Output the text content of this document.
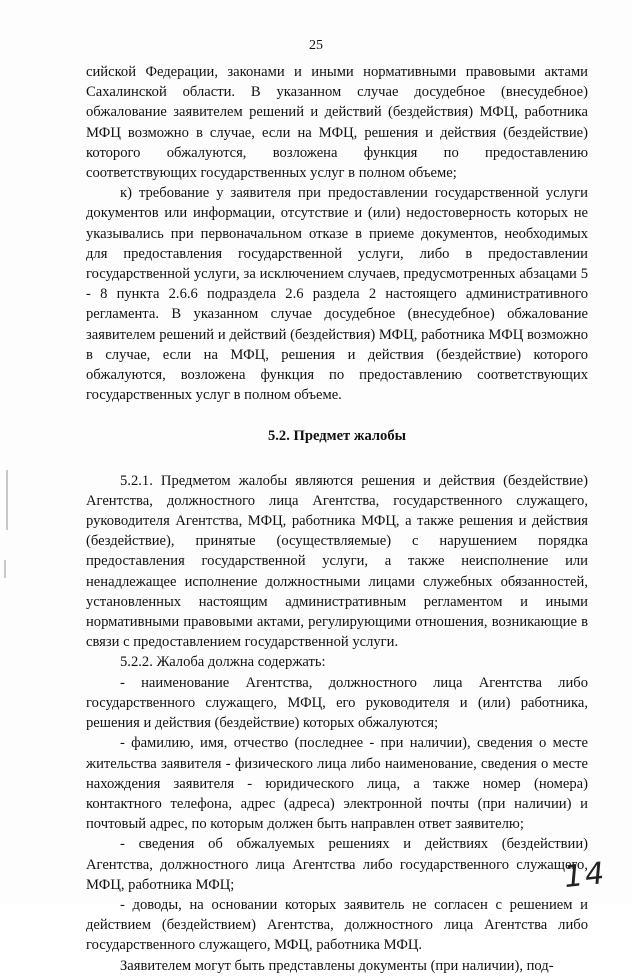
25

сийской Федерации, законами и иными нормативными правовыми актами Сахалинской области. В указанном случае досудебное (внесудебное) обжалование заявителем решений и действий (бездействия) МФЦ, работника МФЦ возможно в случае, если на МФЦ, решения и действия (бездействие) которого обжалуются, возложена функция по предоставлению соответствующих государственных услуг в полном объеме;

к) требование у заявителя при предоставлении государственной услуги документов или информации, отсутствие и (или) недостоверность которых не указывались при первоначальном отказе в приеме документов, необходимых для предоставления государственной услуги, либо в предоставлении государственной услуги, за исключением случаев, предусмотренных абзацами 5 - 8 пункта 2.6.6 подраздела 2.6 раздела 2 настоящего административного регламента. В указанном случае досудебное (внесудебное) обжалование заявителем решений и действий (бездействия) МФЦ, работника МФЦ возможно в случае, если на МФЦ, решения и действия (бездействие) которого обжалуются, возложена функция по предоставлению соответствующих государственных услуг в полном объеме.

5.2. Предмет жалобы

5.2.1. Предметом жалобы являются решения и действия (бездействие) Агентства, должностного лица Агентства, государственного служащего, руководителя Агентства, МФЦ, работника МФЦ, а также решения и действия (бездействие), принятые (осуществляемые) с нарушением порядка предоставления государственной услуги, а также неисполнение или ненадлежащее исполнение должностными лицами служебных обязанностей, установленных настоящим административным регламентом и иными нормативными правовыми актами, регулирующими отношения, возникающие в связи с предоставлением государственной услуги.

5.2.2. Жалоба должна содержать:

- наименование Агентства, должностного лица Агентства либо государственного служащего, МФЦ, его руководителя и (или) работника, решения и действия (бездействие) которых обжалуются;

- фамилию, имя, отчество (последнее - при наличии), сведения о месте жительства заявителя - физического лица либо наименование, сведения о месте нахождения заявителя - юридического лица, а также номер (номера) контактного телефона, адрес (адреса) электронной почты (при наличии) и почтовый адрес, по которым должен быть направлен ответ заявителю;

- сведения об обжалуемых решениях и действиях (бездействии) Агентства, должностного лица Агентства либо государственного служащего, МФЦ, работника МФЦ;

- доводы, на основании которых заявитель не согласен с решением и действием (бездействием) Агентства, должностного лица Агентства либо государственного служащего, МФЦ, работника МФЦ.

Заявителем могут быть представлены документы (при наличии), под-

14
